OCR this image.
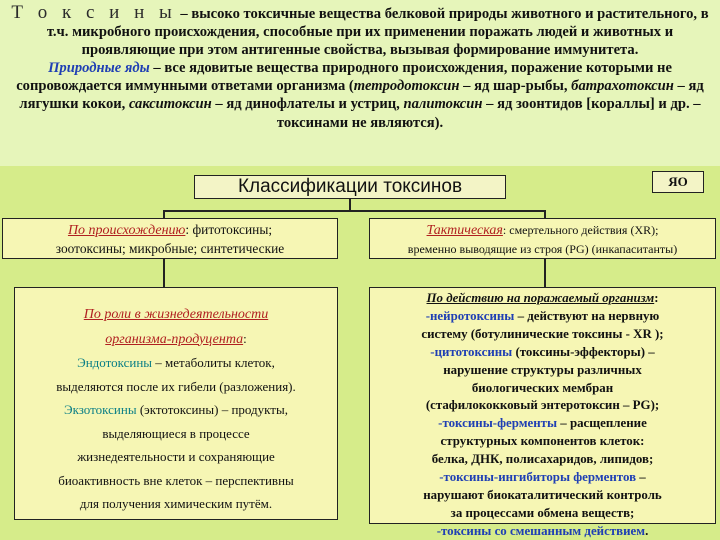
Т о к с и н ы – высоко токсичные вещества белковой природы животного и растительного, в т.ч. микробного происхождения, способные при их применении поражать людей и животных и проявляющие при этом антигенные свойства, вызывая формирование иммунитета.
Природные яды – все ядовитые вещества природного происхождения, поражение которыми не сопровождается иммунными ответами организма (тетродотоксин – яд шар-рыбы, батрахотоксин – яд лягушки кокои, сакситоксин – яд динофлателы и устриц, палитоксин – яд зоонтидов [кораллы] и др. – токсинами не являются).
Классификации токсинов	ЯО
По происхождению: фитотоксины;
зоотоксины; микробные; синтетические
Тактическая: смертельного действия (XR);
временно выводящие из строя (PG) (инкапаситанты)
По роли в жизнедеятельности
организма-продуцента:
Эндотоксины – метаболиты клеток,
выделяются после их гибели (разложения).
Экзотоксины (эктотоксины) – продукты,
выделяющиеся в процессе
жизнедеятельности и сохраняющие
биоактивность вне клеток – перспективны
для получения химическим путём.
По действию на поражаемый организм:
-нейротоксины – действуют на нервную
систему (ботулинические токсины - XR );
-цитотоксины (токсины-эффекторы) –
нарушение структуры различных
биологических мембран
(стафилококковый энтеротоксин – PG);
-токсины-ферменты – расщепление
структурных компонентов клеток:
белка, ДНК, полисахаридов, липидов;
-токсины-ингибиторы ферментов –
нарушают биокаталитический контроль
за процессами обмена веществ;
-токсины со смешанным действием.
